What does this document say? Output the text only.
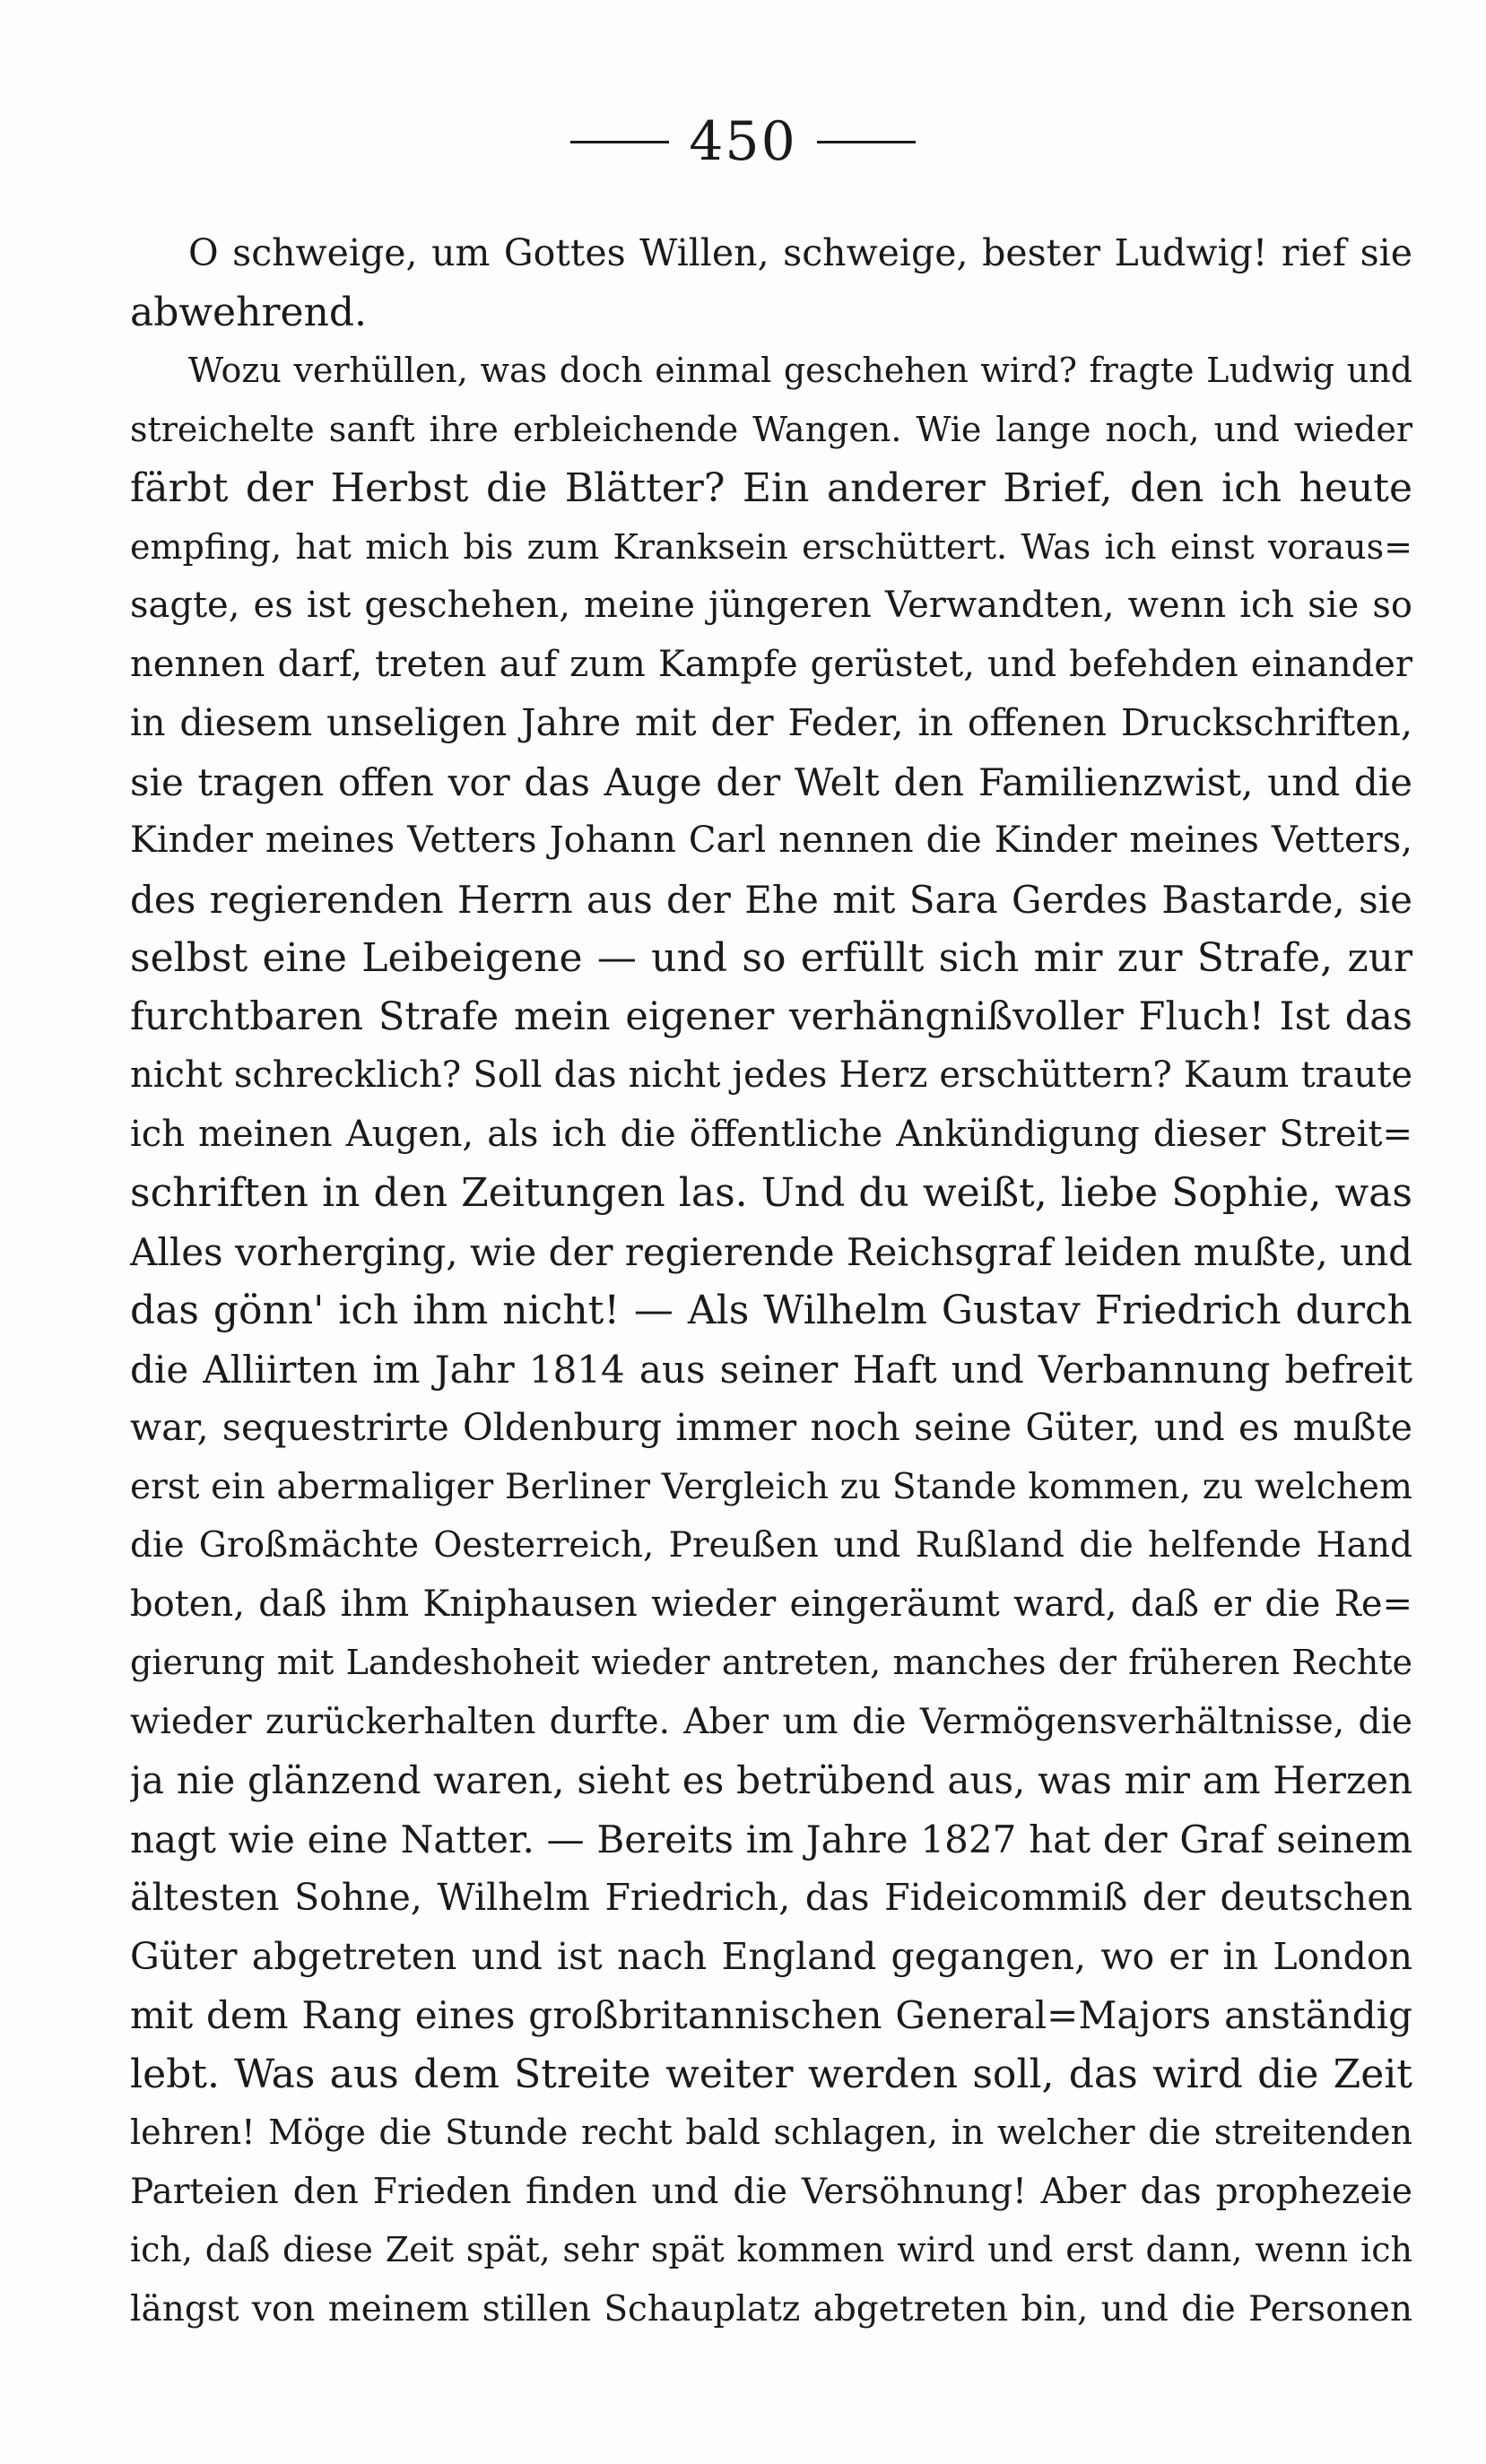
450
O schweige, um Gottes Willen, schweige, bester Ludwig! rief sie
abwehrend.
Wozu verhüllen, was doch einmal geschehen wird? fragte Ludwig und
streichelte sanft ihre erbleichende Wangen. Wie lange noch, und wieder
färbt der Herbst die Blätter? Ein anderer Brief, den ich heute
empfing, hat mich bis zum Kranksein erschüttert. Was ich einst voraus=
sagte, es ist geschehen, meine jüngeren Verwandten, wenn ich sie so
nennen darf, treten auf zum Kampfe gerüstet, und befehden einander
in diesem unseligen Jahre mit der Feder, in offenen Druckschriften,
sie tragen offen vor das Auge der Welt den Familienzwist, und die
Kinder meines Vetters Johann Carl nennen die Kinder meines Vetters,
des regierenden Herrn aus der Ehe mit Sara Gerdes Bastarde, sie
selbst eine Leibeigene — und so erfüllt sich mir zur Strafe, zur
furchtbaren Strafe mein eigener verhängnißvoller Fluch! Ist das
nicht schrecklich? Soll das nicht jedes Herz erschüttern? Kaum traute
ich meinen Augen, als ich die öffentliche Ankündigung dieser Streit=
schriften in den Zeitungen las. Und du weißt, liebe Sophie, was
Alles vorherging, wie der regierende Reichsgraf leiden mußte, und
das gönn' ich ihm nicht! — Als Wilhelm Gustav Friedrich durch
die Alliirten im Jahr 1814 aus seiner Haft und Verbannung befreit
war, sequestrirte Oldenburg immer noch seine Güter, und es mußte
erst ein abermaliger Berliner Vergleich zu Stande kommen, zu welchem
die Großmächte Oesterreich, Preußen und Rußland die helfende Hand
boten, daß ihm Kniphausen wieder eingeräumt ward, daß er die Re=
gierung mit Landeshoheit wieder antreten, manches der früheren Rechte
wieder zurückerhalten durfte. Aber um die Vermögensverhältnisse, die
ja nie glänzend waren, sieht es betrübend aus, was mir am Herzen
nagt wie eine Natter. — Bereits im Jahre 1827 hat der Graf seinem
ältesten Sohne, Wilhelm Friedrich, das Fideicommiß der deutschen
Güter abgetreten und ist nach England gegangen, wo er in London
mit dem Rang eines großbritannischen General=Majors anständig
lebt. Was aus dem Streite weiter werden soll, das wird die Zeit
lehren! Möge die Stunde recht bald schlagen, in welcher die streitenden
Parteien den Frieden finden und die Versöhnung! Aber das prophezeie
ich, daß diese Zeit spät, sehr spät kommen wird und erst dann, wenn ich
längst von meinem stillen Schauplatz abgetreten bin, und die Personen
